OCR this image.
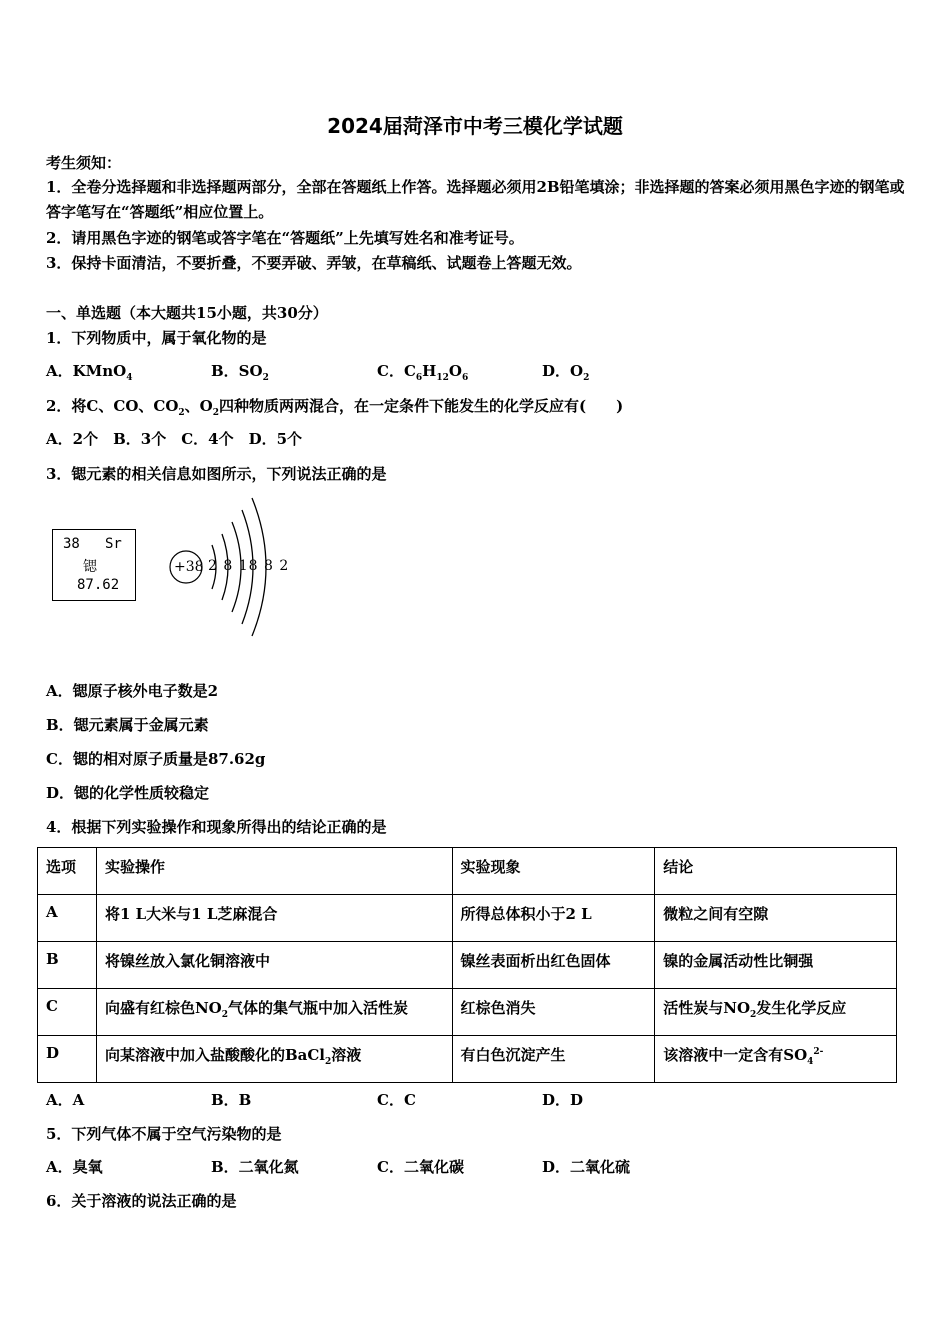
2024届菏泽市中考三模化学试题
考生须知：
1．全卷分选择题和非选择题两部分，全部在答题纸上作答。选择题必须用2B铅笔填涂；非选择题的答案必须用黑色字迹的钢笔或答字笔写在“答题纸”相应位置上。
2．请用黑色字迹的钢笔或答字笔在“答题纸”上先填写姓名和准考证号。
3．保持卡面清洁，不要折叠，不要弄破、弄皱，在草稿纸、试题卷上答题无效。
一、单选题（本大题共15小题，共30分）
1．下列物质中，属于氧化物的是
A．KMnO$_4$	B．$SO_2$	C．$C_6H_{12}O_6$	D．$O_2$
2．将C、CO、$CO_2$、$O_2$四种物质两两混合，在一定条件下能发生的化学反应有(　　)
A．2个　B．3个　C．4个　D．5个
3．锶元素的相关信息如图所示，下列说法正确的是
38 Sr
锶
87.62
+38 2 8 18 8 2
A．锶原子核外电子数是2
B．锶元素属于金属元素
C．锶的相对原子质量是87.62g
D．锶的化学性质较稳定
4．根据下列实验操作和现象所得出的结论正确的是
选项	实验操作	实验现象	结论
A	将1 L大米与1 L芝麻混合	所得总体积小于2 L	微粒之间有空隙
B	将镍丝放入氯化铜溶液中	镍丝表面析出红色固体	镍的金属活动性比铜强
C	向盛有红棕色$NO_2$气体的集气瓶中加入活性炭	红棕色消失	活性炭与$NO_2$发生化学反应
D	向某溶液中加入盐酸酸化的BaCl$_2$溶液	有白色沉淀产生	该溶液中一定含有$SO_4^{2-}$
A．A	B．B	C．C	D．D
5．下列气体不属于空气污染物的是
A．臭氧	B．二氧化氮	C．二氧化碳	D．二氧化硫
6．关于溶液的说法正确的是
